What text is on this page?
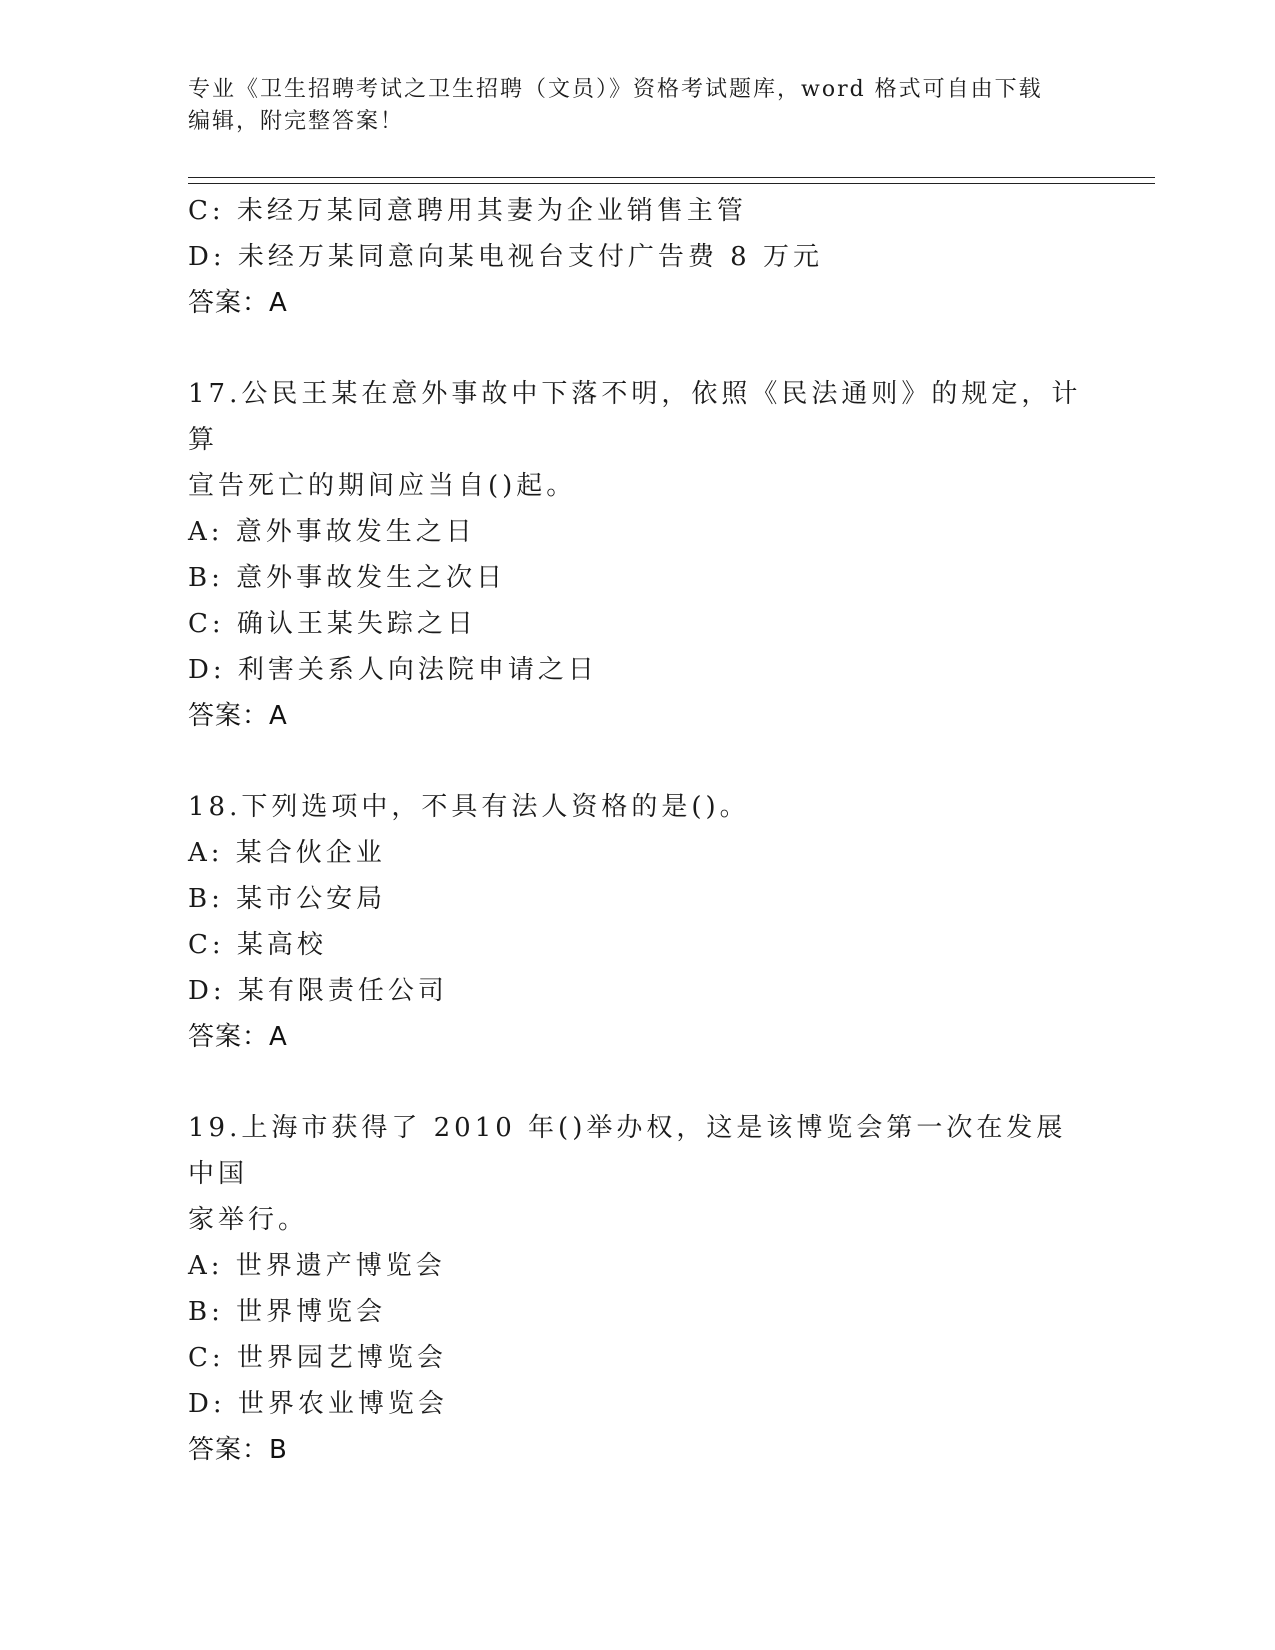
专业《卫生招聘考试之卫生招聘（文员）》资格考试题库，word 格式可自由下载
编辑，附完整答案！
C: 未经万某同意聘用其妻为企业销售主管
D: 未经万某同意向某电视台支付广告费 8 万元
答案：A
17.公民王某在意外事故中下落不明，依照《民法通则》的规定，计算
宣告死亡的期间应当自()起。
A: 意外事故发生之日
B: 意外事故发生之次日
C: 确认王某失踪之日
D: 利害关系人向法院申请之日
答案：A
18.下列选项中，不具有法人资格的是()。
A: 某合伙企业
B: 某市公安局
C: 某高校
D: 某有限责任公司
答案：A
19.上海市获得了 2010 年()举办权，这是该博览会第一次在发展中国
家举行。
A: 世界遗产博览会
B: 世界博览会
C: 世界园艺博览会
D: 世界农业博览会
答案：B
